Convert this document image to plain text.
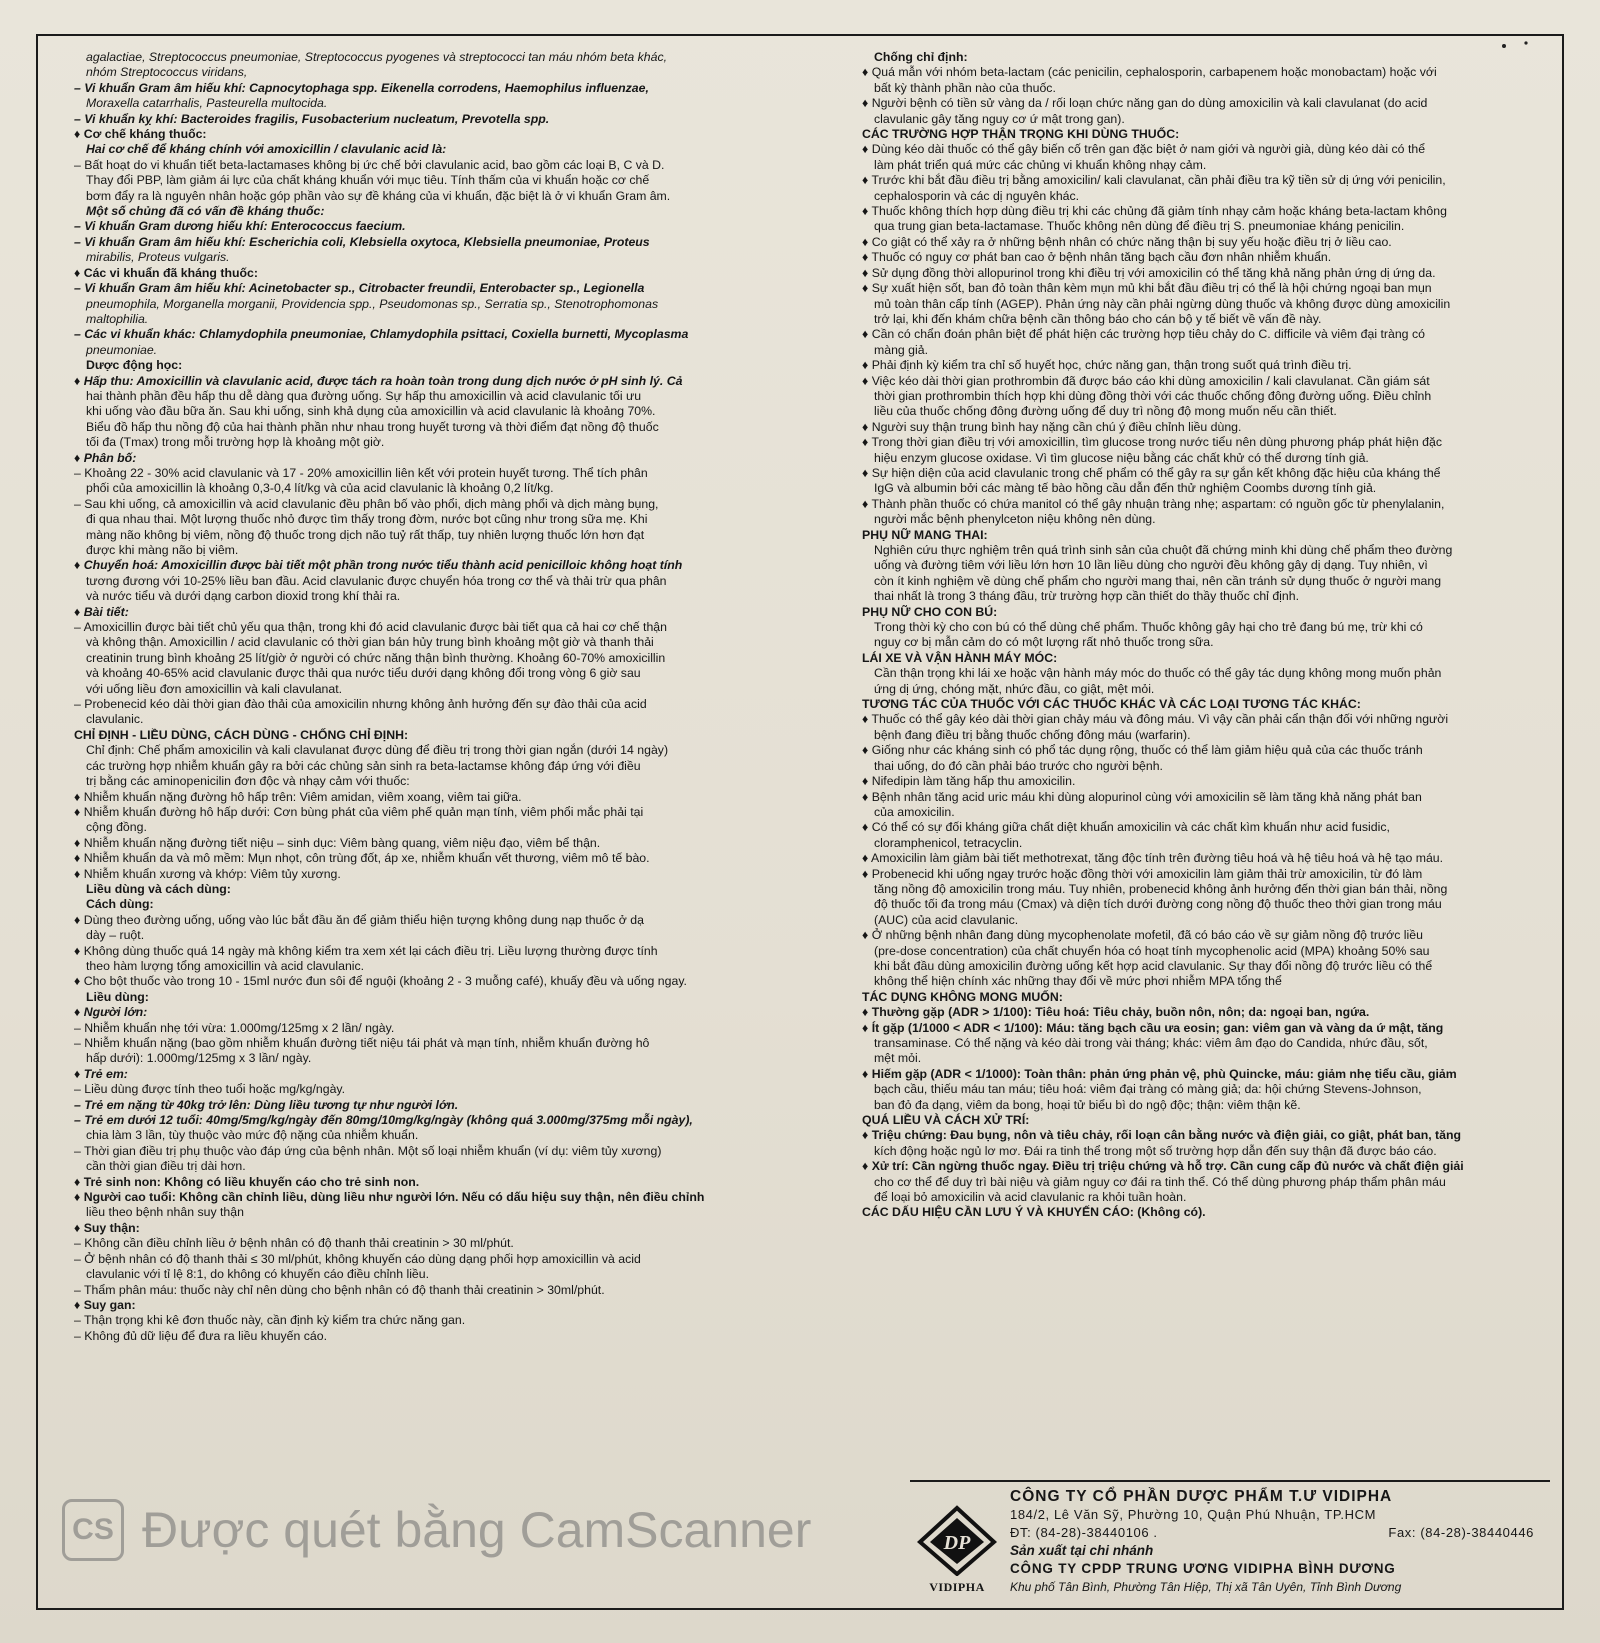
agalactiae, Streptococcus pneumoniae, Streptococcus pyogenes và streptococci tan máu nhóm beta khác,
nhóm Streptococcus viridans,
– Vi khuẩn Gram âm hiếu khí: Capnocytophaga spp. Eikenella corrodens, Haemophilus influenzae,
Moraxella catarrhalis, Pasteurella multocida.
– Vi khuẩn kỵ khí: Bacteroides fragilis, Fusobacterium nucleatum, Prevotella spp.
♦ Cơ chế kháng thuốc:
Hai cơ chế để kháng chính với amoxicillin / clavulanic acid là:
– Bất hoạt do vi khuẩn tiết beta-lactamases không bị ức chế bởi clavulanic acid, bao gồm các loại B, C và D.
Thay đổi PBP, làm giảm ái lực của chất kháng khuẩn với mục tiêu. Tính thấm của vi khuẩn hoặc cơ chế
bơm đẩy ra là nguyên nhân hoặc góp phần vào sự đề kháng của vi khuẩn, đặc biệt là ở vi khuẩn Gram âm.
Một số chủng đã có vấn đề kháng thuốc:
– Vi khuẩn Gram dương hiếu khí: Enterococcus faecium.
– Vi khuẩn Gram âm hiếu khí: Escherichia coli, Klebsiella oxytoca, Klebsiella pneumoniae, Proteus
mirabilis, Proteus vulgaris.
♦ Các vi khuẩn đã kháng thuốc:
– Vi khuẩn Gram âm hiếu khí: Acinetobacter sp., Citrobacter freundii, Enterobacter sp., Legionella
pneumophila, Morganella morganii, Providencia spp., Pseudomonas sp., Serratia sp., Stenotrophomonas
maltophilia.
– Các vi khuẩn khác: Chlamydophila pneumoniae, Chlamydophila psittaci, Coxiella burnetti, Mycoplasma
pneumoniae.
Dược động học:
♦ Hấp thu: Amoxicillin và clavulanic acid, được tách ra hoàn toàn trong dung dịch nước ở pH sinh lý. Cả
hai thành phần đều hấp thu dễ dàng qua đường uống. Sự hấp thu amoxicillin và acid clavulanic tối ưu
khi uống vào đầu bữa ăn. Sau khi uống, sinh khả dụng của amoxicillin và acid clavulanic là khoảng 70%.
Biểu đồ hấp thu nồng độ của hai thành phần như nhau trong huyết tương và thời điểm đạt nồng độ thuốc
tối đa (Tmax) trong mỗi trường hợp là khoảng một giờ.
♦ Phân bố:
– Khoảng 22 - 30% acid clavulanic và 17 - 20% amoxicillin liên kết với protein huyết tương. Thể tích phân
phối của amoxicillin là khoảng 0,3-0,4 lít/kg và của acid clavulanic là khoảng 0,2 lít/kg.
– Sau khi uống, cả amoxicillin và acid clavulanic đều phân bố vào phổi, dịch màng phổi và dịch màng bụng,
đi qua nhau thai. Một lượng thuốc nhỏ được tìm thấy trong đờm, nước bọt cũng như trong sữa mẹ. Khi
màng não không bị viêm, nồng độ thuốc trong dịch não tuỷ rất thấp, tuy nhiên lượng thuốc lớn hơn đạt
được khi màng não bị viêm.
♦ Chuyển hoá: Amoxicillin được bài tiết một phần trong nước tiểu thành acid penicilloic không hoạt tính
tương đương với 10-25% liều ban đầu. Acid clavulanic được chuyển hóa trong cơ thể và thải trừ qua phân
và nước tiểu và dưới dạng carbon dioxid trong khí thải ra.
♦ Bài tiết:
– Amoxicillin được bài tiết chủ yếu qua thận, trong khi đó acid clavulanic được bài tiết qua cả hai cơ chế thận
và không thận. Amoxicillin / acid clavulanic có thời gian bán hủy trung bình khoảng một giờ và thanh thải
creatinin trung bình khoảng 25 lít/giờ ở người có chức năng thận bình thường. Khoảng 60-70% amoxicillin
và khoảng 40-65% acid clavulanic được thải qua nước tiểu dưới dạng không đổi trong vòng 6 giờ sau
với uống liều đơn amoxicillin và kali clavulanat.
– Probenecid kéo dài thời gian đào thải của amoxicilin nhưng không ảnh hưởng đến sự đào thải của acid
clavulanic.
CHỈ ĐỊNH - LIỀU DÙNG, CÁCH DÙNG - CHỐNG CHỈ ĐỊNH:
Chỉ định: Chế phẩm amoxicilin và kali clavulanat được dùng để điều trị trong thời gian ngắn (dưới 14 ngày)
các trường hợp nhiễm khuẩn gây ra bởi các chủng sản sinh ra beta-lactamse không đáp ứng với điều
trị bằng các aminopenicilin đơn độc và nhạy cảm với thuốc:
♦ Nhiễm khuẩn nặng đường hô hấp trên: Viêm amidan, viêm xoang, viêm tai giữa.
♦ Nhiễm khuẩn đường hô hấp dưới: Cơn bùng phát của viêm phế quản mạn tính, viêm phổi mắc phải tại
cộng đồng.
♦ Nhiễm khuẩn nặng đường tiết niệu – sinh dục: Viêm bàng quang, viêm niệu đạo, viêm bể thận.
♦ Nhiễm khuẩn da và mô mềm: Mụn nhọt, côn trùng đốt, áp xe, nhiễm khuẩn vết thương, viêm mô tế bào.
♦ Nhiễm khuẩn xương và khớp: Viêm tủy xương.
Liều dùng và cách dùng:
Cách dùng:
♦ Dùng theo đường uống, uống vào lúc bắt đầu ăn để giảm thiểu hiện tượng không dung nạp thuốc ở dạ
dày – ruột.
♦ Không dùng thuốc quá 14 ngày mà không kiểm tra xem xét lại cách điều trị. Liều lượng thường được tính
theo hàm lượng tổng amoxicillin và acid clavulanic.
♦ Cho bột thuốc vào trong 10 - 15ml nước đun sôi để nguội (khoảng 2 - 3 muỗng café), khuấy đều và uống ngay.
Liều dùng:
♦ Người lớn:
– Nhiễm khuẩn nhẹ tới vừa: 1.000mg/125mg x 2 lần/ ngày.
– Nhiễm khuẩn nặng (bao gồm nhiễm khuẩn đường tiết niệu tái phát và mạn tính, nhiễm khuẩn đường hô
hấp dưới): 1.000mg/125mg x 3 lần/ ngày.
♦ Trẻ em:
– Liều dùng được tính theo tuổi hoặc mg/kg/ngày.
– Trẻ em nặng từ 40kg trở lên: Dùng liều tương tự như người lớn.
– Trẻ em dưới 12 tuổi: 40mg/5mg/kg/ngày đến 80mg/10mg/kg/ngày (không quá 3.000mg/375mg mỗi ngày),
chia làm 3 lần, tùy thuộc vào mức độ nặng của nhiễm khuẩn.
– Thời gian điều trị phụ thuộc vào đáp ứng của bệnh nhân. Một số loại nhiễm khuẩn (ví dụ: viêm tủy xương)
cần thời gian điều trị dài hơn.
♦ Trẻ sinh non: Không có liều khuyến cáo cho trẻ sinh non.
♦ Người cao tuổi: Không cần chỉnh liều, dùng liều như người lớn. Nếu có dấu hiệu suy thận, nên điều chỉnh
liều theo bệnh nhân suy thận
♦ Suy thận:
– Không cần điều chỉnh liều ở bệnh nhân có độ thanh thải creatinin > 30 ml/phút.
– Ở bệnh nhân có độ thanh thải ≤ 30 ml/phút, không khuyến cáo dùng dạng phối hợp amoxicillin và acid
clavulanic với tỉ lệ 8:1, do không có khuyến cáo điều chỉnh liều.
– Thẩm phân máu: thuốc này chỉ nên dùng cho bệnh nhân có độ thanh thải creatinin > 30ml/phút.
♦ Suy gan:
– Thận trọng khi kê đơn thuốc này, cần định kỳ kiểm tra chức năng gan.
– Không đủ dữ liệu để đưa ra liều khuyến cáo.
Chống chỉ định:
♦ Quá mẫn với nhóm beta-lactam (các penicilin, cephalosporin, carbapenem hoặc monobactam) hoặc với
bất kỳ thành phần nào của thuốc.
♦ Người bệnh có tiền sử vàng da / rối loạn chức năng gan do dùng amoxicilin và kali clavulanat (do acid
clavulanic gây tăng nguy cơ ứ mật trong gan).
CÁC TRƯỜNG HỢP THẬN TRỌNG KHI DÙNG THUỐC:
♦ Dùng kéo dài thuốc có thể gây biến cố trên gan đặc biệt ở nam giới và người già, dùng kéo dài có thể
làm phát triển quá mức các chủng vi khuẩn không nhạy cảm.
♦ Trước khi bắt đầu điều trị bằng amoxicilin/ kali clavulanat, cần phải điều tra kỹ tiền sử dị ứng với penicilin,
cephalosporin và các dị nguyên khác.
♦ Thuốc không thích hợp dùng điều trị khi các chủng đã giảm tính nhạy cảm hoặc kháng beta-lactam không
qua trung gian beta-lactamase. Thuốc không nên dùng để điều trị S. pneumoniae kháng penicilin.
♦ Co giật có thể xảy ra ở những bệnh nhân có chức năng thận bị suy yếu hoặc điều trị ở liều cao.
♦ Thuốc có nguy cơ phát ban cao ở bệnh nhân tăng bạch cầu đơn nhân nhiễm khuẩn.
♦ Sử dụng đồng thời allopurinol trong khi điều trị với amoxicilin có thể tăng khả năng phản ứng dị ứng da.
♦ Sự xuất hiện sốt, ban đỏ toàn thân kèm mụn mủ khi bắt đầu điều trị có thể là hội chứng ngoại ban mụn
mủ toàn thân cấp tính (AGEP). Phản ứng này cần phải ngừng dùng thuốc và không được dùng amoxicilin
trở lại, khi đến khám chữa bệnh cần thông báo cho cán bộ y tế biết về vấn đề này.
♦ Cần có chẩn đoán phân biệt để phát hiện các trường hợp tiêu chảy do C. difficile và viêm đại tràng có
màng giả.
♦ Phải định kỳ kiểm tra chỉ số huyết học, chức năng gan, thận trong suốt quá trình điều trị.
♦ Việc kéo dài thời gian prothrombin đã được báo cáo khi dùng amoxicilin / kali clavulanat. Cần giám sát
thời gian prothrombin thích hợp khi dùng đồng thời với các thuốc chống đông đường uống. Điều chỉnh
liều của thuốc chống đông đường uống để duy trì nồng độ mong muốn nếu cần thiết.
♦ Người suy thận trung bình hay nặng cần chú ý điều chỉnh liều dùng.
♦ Trong thời gian điều trị với amoxicillin, tìm glucose trong nước tiểu nên dùng phương pháp phát hiện đặc
hiệu enzym glucose oxidase. Vì tìm glucose niệu bằng các chất khử có thể dương tính giả.
♦ Sự hiện diện của acid clavulanic trong chế phẩm có thể gây ra sự gắn kết không đặc hiệu của kháng thể
IgG và albumin bởi các màng tế bào hồng cầu dẫn đến thử nghiệm Coombs dương tính giả.
♦ Thành phần thuốc có chứa manitol có thể gây nhuận tràng nhẹ; aspartam: có nguồn gốc từ phenylalanin,
người mắc bệnh phenylceton niệu không nên dùng.
PHỤ NỮ MANG THAI:
Nghiên cứu thực nghiệm trên quá trình sinh sản của chuột đã chứng minh khi dùng chế phẩm theo đường
uống và đường tiêm với liều lớn hơn 10 lần liều dùng cho người đều không gây dị dạng. Tuy nhiên, vì
còn ít kinh nghiệm về dùng chế phẩm cho người mang thai, nên cần tránh sử dụng thuốc ở người mang
thai nhất là trong 3 tháng đầu, trừ trường hợp cần thiết do thầy thuốc chỉ định.
PHỤ NỮ CHO CON BÚ:
Trong thời kỳ cho con bú có thể dùng chế phẩm. Thuốc không gây hại cho trẻ đang bú mẹ, trừ khi có
nguy cơ bị mẫn cảm do có một lượng rất nhỏ thuốc trong sữa.
LÁI XE VÀ VẬN HÀNH MÁY MÓC:
Cần thận trọng khi lái xe hoặc vận hành máy móc do thuốc có thể gây tác dụng không mong muốn phản
ứng dị ứng, chóng mặt, nhức đầu, co giật, mệt mỏi.
TƯƠNG TÁC CỦA THUỐC VỚI CÁC THUỐC KHÁC VÀ CÁC LOẠI TƯƠNG TÁC KHÁC:
♦ Thuốc có thể gây kéo dài thời gian chảy máu và đông máu. Vì vậy cần phải cẩn thận đối với những người
bệnh đang điều trị bằng thuốc chống đông máu (warfarin).
♦ Giống như các kháng sinh có phổ tác dụng rộng, thuốc có thể làm giảm hiệu quả của các thuốc tránh
thai uống, do đó cần phải báo trước cho người bệnh.
♦ Nifedipin làm tăng hấp thu amoxicilin.
♦ Bệnh nhân tăng acid uric máu khi dùng alopurinol cùng với amoxicilin sẽ làm tăng khả năng phát ban
của amoxicilin.
♦ Có thể có sự đối kháng giữa chất diệt khuẩn amoxicilin và các chất kìm khuẩn như acid fusidic,
cloramphenicol, tetracyclin.
♦ Amoxicilin làm giảm bài tiết methotrexat, tăng độc tính trên đường tiêu hoá và hệ tiêu hoá và hệ tạo máu.
♦ Probenecid khi uống ngay trước hoặc đồng thời với amoxicilin làm giảm thải trừ amoxicilin, từ đó làm
tăng nồng độ amoxicilin trong máu. Tuy nhiên, probenecid không ảnh hưởng đến thời gian bán thải, nồng
độ thuốc tối đa trong máu (Cmax) và diện tích dưới đường cong nồng độ thuốc theo thời gian trong máu
(AUC) của acid clavulanic.
♦ Ở những bệnh nhân đang dùng mycophenolate mofetil, đã có báo cáo về sự giảm nồng độ trước liều
(pre-dose concentration) của chất chuyển hóa có hoạt tính mycophenolic acid (MPA) khoảng 50% sau
khi bắt đầu dùng amoxicilin đường uống kết hợp acid clavulanic. Sự thay đổi nồng độ trước liều có thể
không thể hiện chính xác những thay đổi về mức phơi nhiễm MPA tổng thể
TÁC DỤNG KHÔNG MONG MUỐN:
♦ Thường gặp (ADR > 1/100): Tiêu hoá: Tiêu chảy, buồn nôn, nôn; da: ngoại ban, ngứa.
♦ Ít gặp (1/1000 < ADR < 1/100): Máu: tăng bạch cầu ưa eosin; gan: viêm gan và vàng da ứ mật, tăng
transaminase. Có thể nặng và kéo dài trong vài tháng; khác: viêm âm đạo do Candida, nhức đầu, sốt,
mệt mỏi.
♦ Hiếm gặp (ADR < 1/1000): Toàn thân: phản ứng phản vệ, phù Quincke, máu: giảm nhẹ tiểu cầu, giảm
bạch cầu, thiếu máu tan máu; tiêu hoá: viêm đại tràng có màng giả; da: hội chứng Stevens-Johnson,
ban đỏ đa dạng, viêm da bong, hoại tử biểu bì do ngộ độc; thận: viêm thận kẽ.
QUÁ LIỀU VÀ CÁCH XỬ TRÍ:
♦ Triệu chứng: Đau bụng, nôn và tiêu chảy, rối loạn cân bằng nước và điện giải, co giật, phát ban, tăng
kích động hoặc ngủ lơ mơ. Đái ra tinh thể trong một số trường hợp dẫn đến suy thận đã được báo cáo.
♦ Xử trí: Cần ngừng thuốc ngay. Điều trị triệu chứng và hỗ trợ. Cần cung cấp đủ nước và chất điện giải
cho cơ thể để duy trì bài niệu và giảm nguy cơ đái ra tinh thể. Có thể dùng phương pháp thẩm phân máu
để loại bỏ amoxicilin và acid clavulanic ra khỏi tuần hoàn.
CÁC DẤU HIỆU CẦN LƯU Ý VÀ KHUYẾN CÁO: (Không có).
CS Được quét bằng CamScanner	DP
VIDIPHA
CÔNG TY CỔ PHẦN DƯỢC PHẨM T.Ư VIDIPHA
184/2, Lê Văn Sỹ, Phường 10, Quận Phú Nhuận, TP.HCM
ĐT: (84-28)-38440106 .	Fax: (84-28)-38440446
Sản xuất tại chi nhánh
CÔNG TY CPDP TRUNG ƯƠNG VIDIPHA BÌNH DƯƠNG
Khu phố Tân Bình, Phường Tân Hiệp, Thị xã Tân Uyên, Tỉnh Bình Dương
